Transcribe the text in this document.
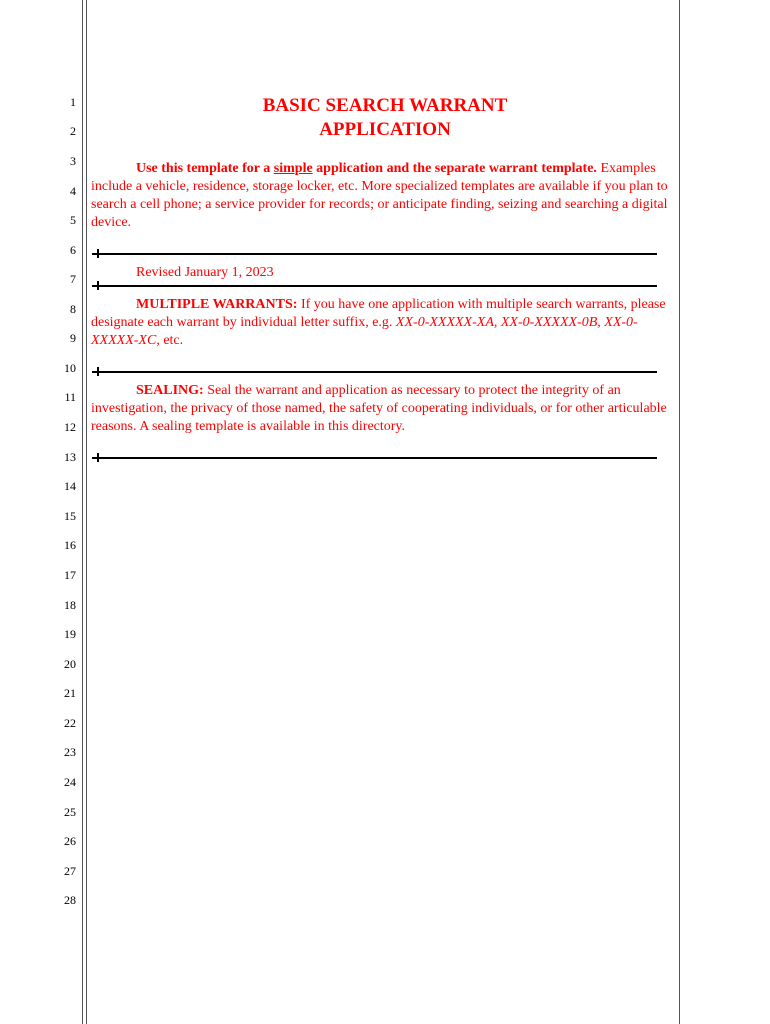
1
2
3
4
5
6
7
8
9
10
11
12
13
14
15
16
17
18
19
20
21
22
23
24
25
26
27
28
BASIC SEARCH WARRANT
APPLICATION
Use this template for a simple application and the separate warrant template. Examples include a vehicle, residence, storage locker, etc. More specialized templates are available if you plan to search a cell phone; a service provider for records; or anticipate finding, seizing and searching a digital device.
Revised January 1, 2023
MULTIPLE WARRANTS: If you have one application with multiple search warrants, please designate each warrant by individual letter suffix, e.g. XX-0-XXXXX-XA, XX-0-XXXXX-0B, XX-0-XXXXX-XC, etc.
SEALING: Seal the warrant and application as necessary to protect the integrity of an investigation, the privacy of those named, the safety of cooperating individuals, or for other articulable reasons. A sealing template is available in this directory.
